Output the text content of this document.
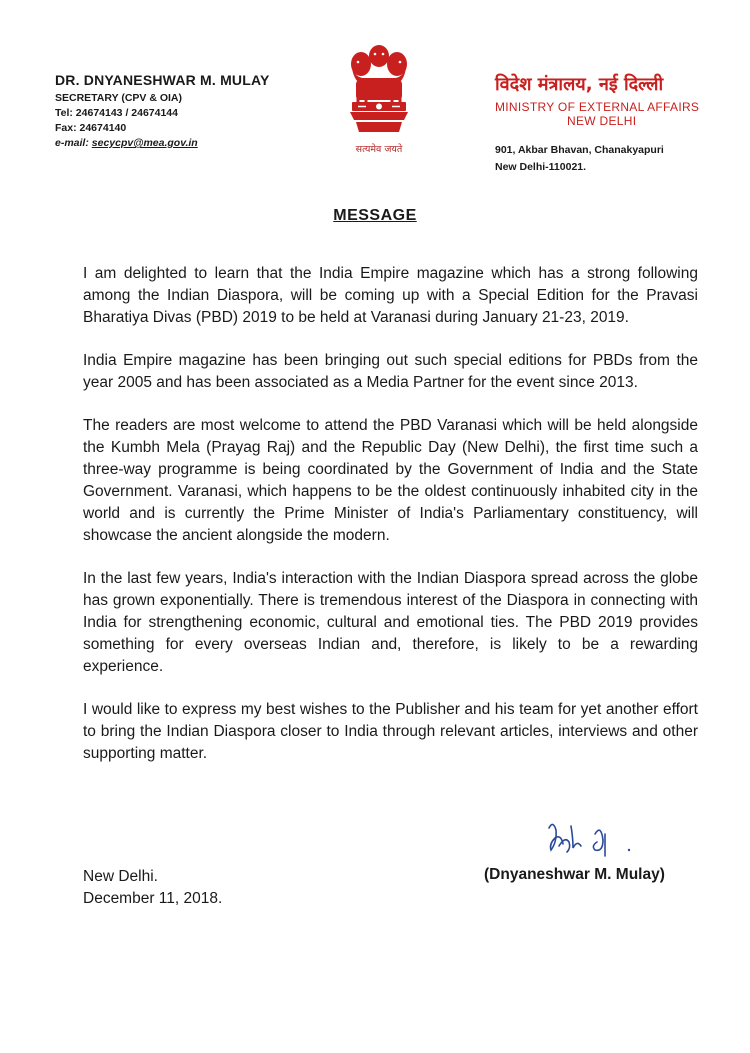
DR. DNYANESHWAR M. MULAY
SECRETARY (CPV & OIA)
Tel: 24674143 / 24674144
Fax: 24674140
e-mail: secycpv@mea.gov.in
सत्यमेव जयते
विदेश मंत्रालय, नई दिल्ली
MINISTRY OF EXTERNAL AFFAIRS
NEW DELHI
901, Akbar Bhavan, Chanakyapuri
New Delhi-110021.
MESSAGE

I am delighted to learn that the India Empire magazine which has a strong following among the Indian Diaspora, will be coming up with a Special Edition for the Pravasi Bharatiya Divas (PBD) 2019 to be held at Varanasi during January 21-23, 2019.

India Empire magazine has been bringing out such special editions for PBDs from the year 2005 and has been associated as a Media Partner for the event since 2013.

The readers are most welcome to attend the PBD Varanasi which will be held alongside the Kumbh Mela (Prayag Raj) and the Republic Day (New Delhi), the first time such a three-way programme is being coordinated by the Government of India and the State Government. Varanasi, which happens to be the oldest continuously inhabited city in the world and is currently the Prime Minister of India's Parliamentary constituency, will showcase the ancient alongside the modern.

In the last few years, India's interaction with the Indian Diaspora spread across the globe has grown exponentially. There is tremendous interest of the Diaspora in connecting with India for strengthening economic, cultural and emotional ties. The PBD 2019 provides something for every overseas Indian and, therefore, is likely to be a rewarding experience.

I would like to express my best wishes to the Publisher and his team for yet another effort to bring the Indian Diaspora closer to India through relevant articles, interviews and other supporting matter.

New Delhi.
December 11, 2018.
(Dnyaneshwar M. Mulay)
